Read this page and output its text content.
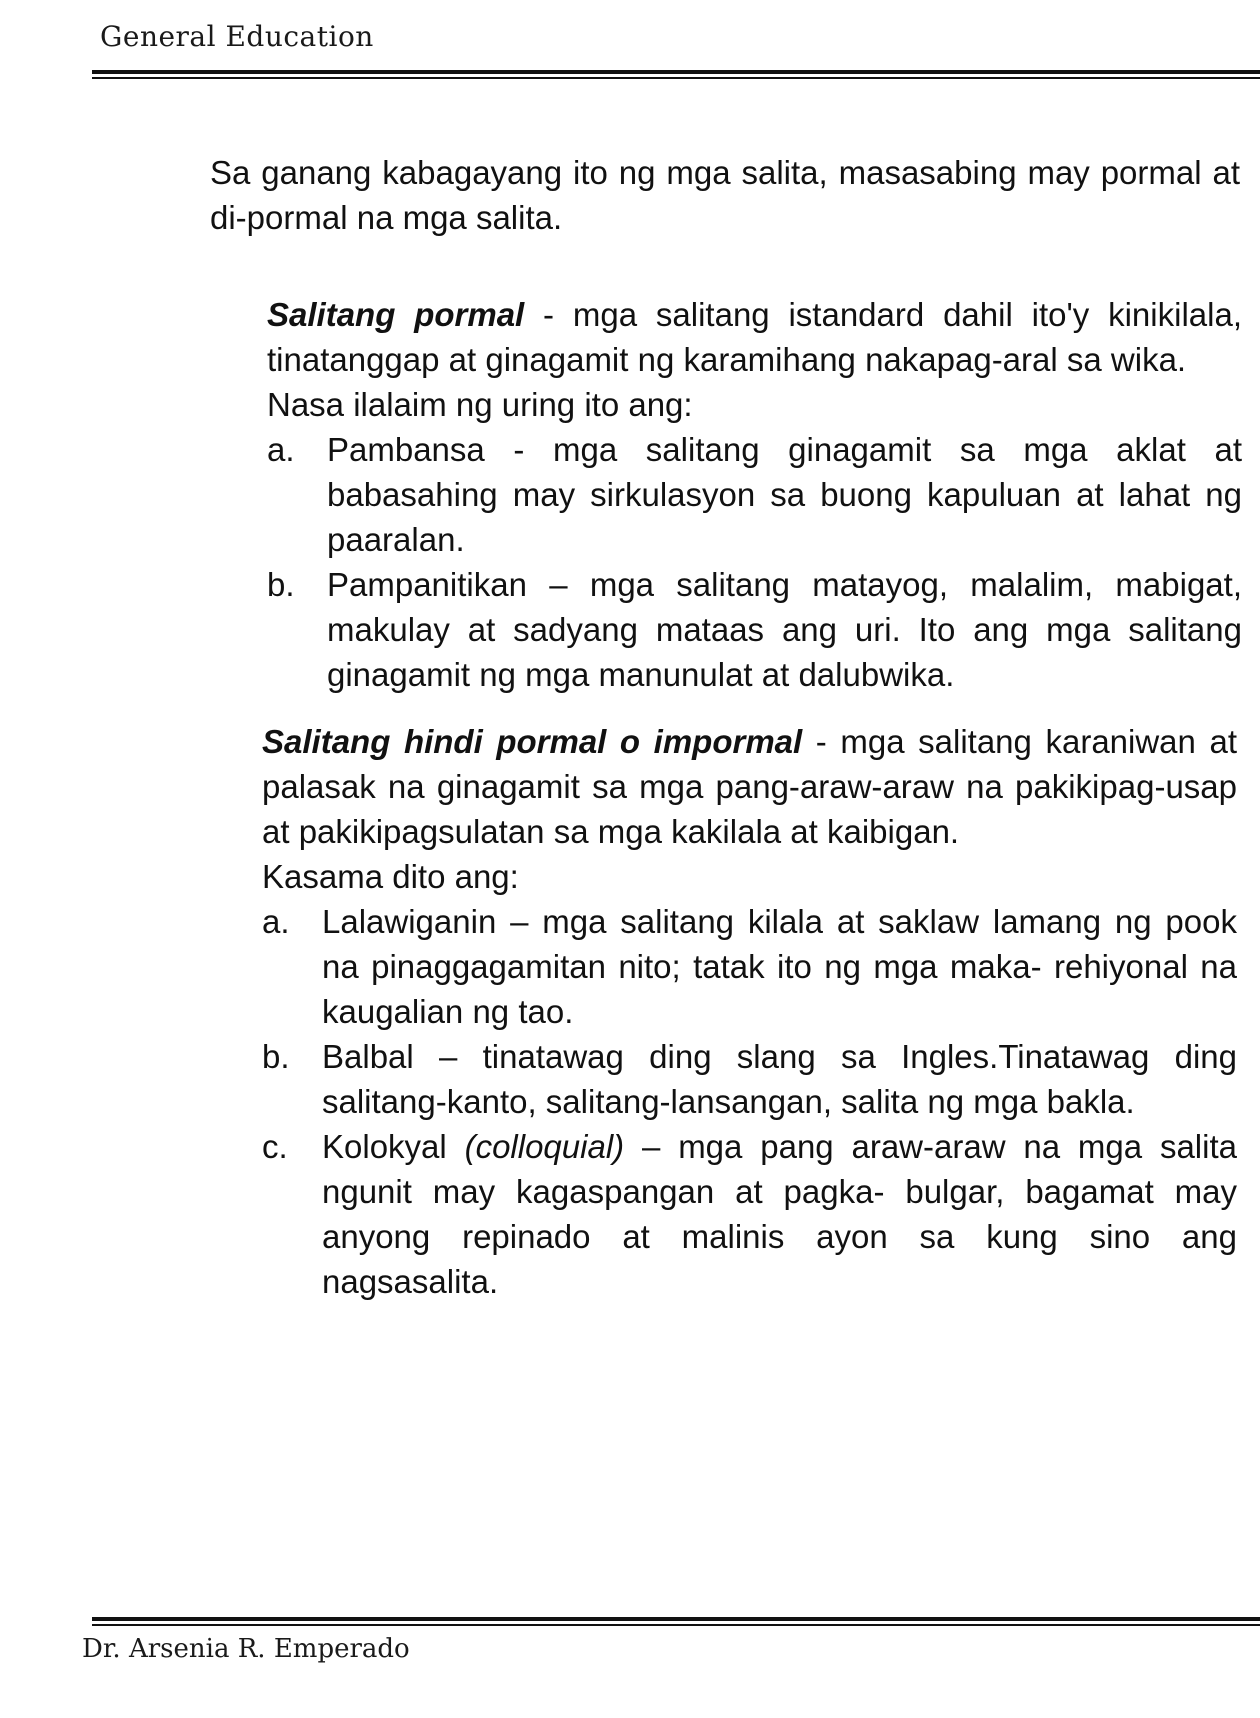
General Education

Sa ganang kabagayang ito ng mga salita, masasabing may pormal at di-pormal na mga salita.

Salitang pormal - mga salitang istandard dahil ito'y kinikilala, tinatanggap at ginagamit ng karamihang nakapag-aral sa wika.

Nasa ilalaim ng uring ito ang:

a. Pambansa - mga salitang ginagamit sa mga aklat at babasahing may sirkulasyon sa buong kapuluan at lahat ng paaralan.
b. Pampanitikan – mga salitang matayog, malalim, mabigat, makulay at sadyang mataas ang uri. Ito ang mga salitang ginagamit ng mga manunulat at dalubwika.

Salitang hindi pormal o impormal - mga salitang karaniwan at palasak na ginagamit sa mga pang-araw-araw na pakikipag-usap at pakikipagsulatan sa mga kakilala at kaibigan.

Kasama dito ang:

a. Lalawiganin – mga salitang kilala at saklaw lamang ng pook na pinaggagamitan nito; tatak ito ng mga maka- rehiyonal na kaugalian ng tao.
b. Balbal – tinatawag ding slang sa Ingles.Tinatawag ding salitang-kanto, salitang-lansangan, salita ng mga bakla.
c. Kolokyal (colloquial) – mga pang araw-araw na mga salita ngunit may kagaspangan at pagka- bulgar, bagamat may anyong repinado at malinis ayon sa kung sino ang nagsasalita.
Dr. Arsenia R. Emperado
